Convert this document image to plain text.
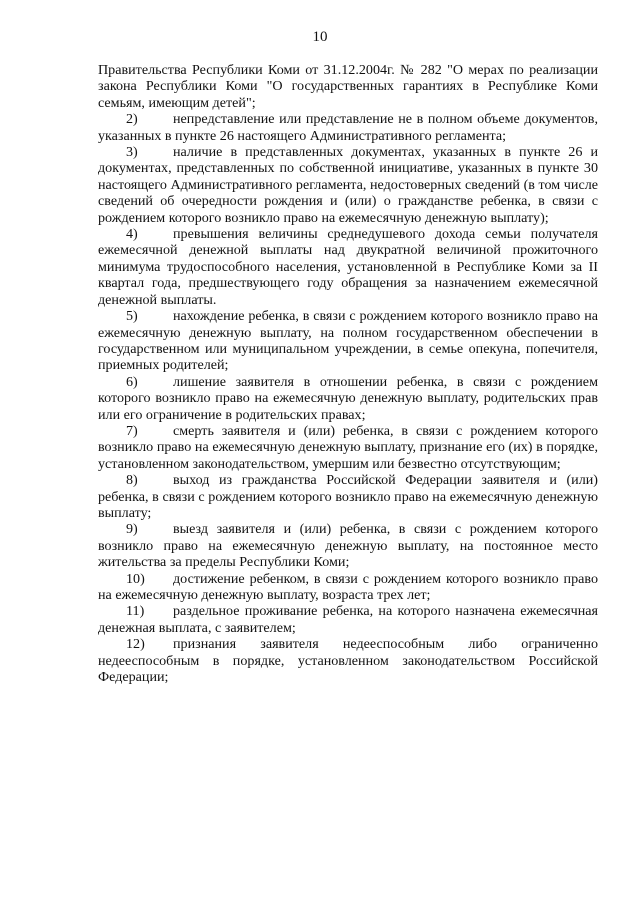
10

Правительства Республики Коми от 31.12.2004г. № 282 "О мерах по реализации закона Республики Коми "О государственных гарантиях в Республике Коми семьям, имеющим детей";

2)	непредставление или представление не в полном объеме документов, указанных в пункте 26 настоящего Административного регламента;

3)	наличие в представленных документах, указанных в пункте 26 и документах, представленных по собственной инициативе, указанных в пункте 30 настоящего Административного регламента, недостоверных сведений (в том числе сведений об очередности рождения и (или) о гражданстве ребенка, в связи с рождением которого возникло право на ежемесячную денежную выплату);

4)	превышения величины среднедушевого дохода семьи получателя ежемесячной денежной выплаты над двукратной величиной прожиточного минимума трудоспособного населения, установленной в Республике Коми за II квартал года, предшествующего году обращения за назначением ежемесячной денежной выплаты.

5)	нахождение ребенка, в связи с рождением которого возникло право на ежемесячную денежную выплату, на полном государственном обеспечении в государственном или муниципальном учреждении, в семье опекуна, попечителя, приемных родителей;

6)	лишение заявителя в отношении ребенка, в связи с рождением которого возникло право на ежемесячную денежную выплату, родительских прав или его ограничение в родительских правах;

7)	смерть заявителя и (или) ребенка, в связи с рождением которого возникло право на ежемесячную денежную выплату, признание его (их) в порядке, установленном законодательством, умершим или безвестно отсутствующим;

8)	выход из гражданства Российской Федерации заявителя и (или) ребенка, в связи с рождением которого возникло право на ежемесячную денежную выплату;

9)	выезд заявителя и (или) ребенка, в связи с рождением которого возникло право на ежемесячную денежную выплату, на постоянное место жительства за пределы Республики Коми;

10) достижение ребенком, в связи с рождением которого возникло право на ежемесячную денежную выплату, возраста трех лет;

11) раздельное проживание ребенка, на которого назначена ежемесячная денежная выплата, с заявителем;

12) признания заявителя недееспособным либо ограниченно недееспособным в порядке, установленном законодательством Российской Федерации;
